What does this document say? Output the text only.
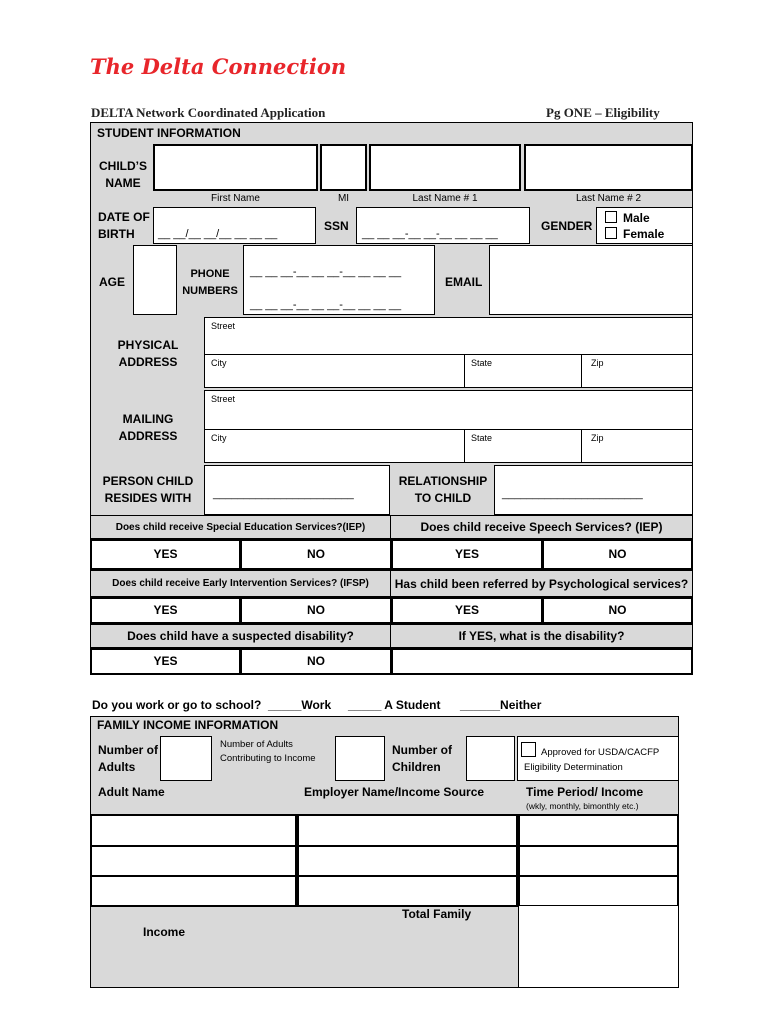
The Delta Connection
DELTA Network Coordinated Application	Pg ONE – Eligibility
STUDENT INFORMATION
CHILD’S NAME
First Name	MI	Last Name # 1	Last Name # 2
DATE OF BIRTH	__ __/__ __/__ __ __ __
SSN
__ __ __-__ __-__ __ __ __
GENDER
Male
Female
AGE
PHONE NUMBERS
__ __ __-__ __ __-__ __ __ __
__ __ __-__ __ __-__ __ __ __
EMAIL
PHYSICAL ADDRESS
Street
City	State	Zip
MAILING ADDRESS
Street
City	State	Zip
PERSON CHILD RESIDES WITH	_______________________
RELATIONSHIP TO CHILD	_______________________
Does child receive Special Education Services?(IEP)	Does child receive Speech Services? (IEP)
YES	NO	YES	NO
Does child receive Early Intervention Services? (IFSP)	Has child been referred by Psychological services?
YES	NO	YES	NO
Does child have a suspected disability?	If YES, what is the disability?
YES	NO
Do you work or go to school? _____Work _____ A Student ______Neither
FAMILY INCOME INFORMATION
Number of Adults
Number of Adults Contributing to Income
Number of Children
Approved for USDA/CACFP Eligibility Determination
Adult Name	Employer Name/Income Source	Time Period/ Income
(wkly, monthly, bimonthly etc.)
Total Family
Income
